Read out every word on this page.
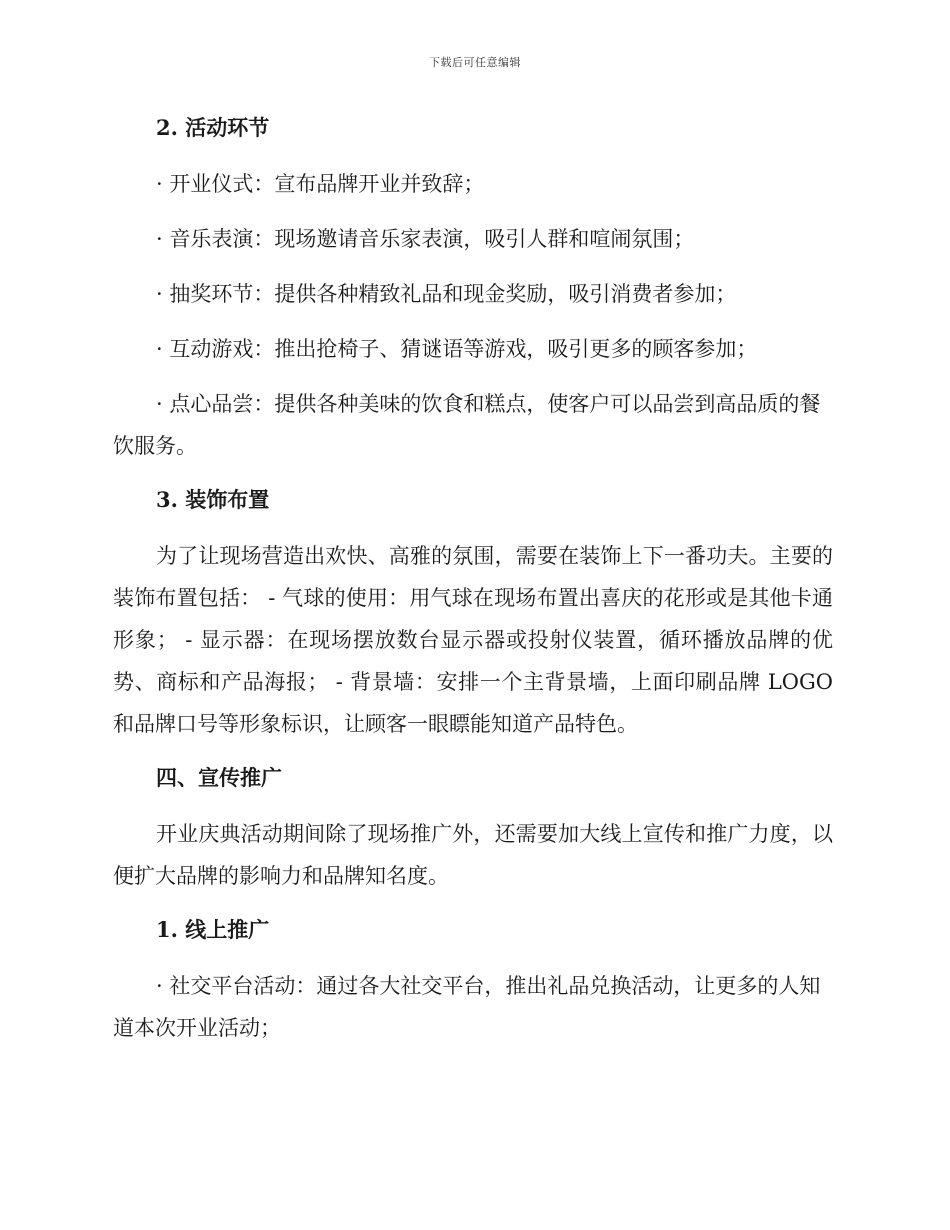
下载后可任意编辑
2. 活动环节
· 开业仪式：宣布品牌开业并致辞；
· 音乐表演：现场邀请音乐家表演，吸引人群和喧闹氛围；
· 抽奖环节：提供各种精致礼品和现金奖励，吸引消费者参加；
· 互动游戏：推出抢椅子、猜谜语等游戏，吸引更多的顾客参加；
· 点心品尝：提供各种美味的饮食和糕点，使客户可以品尝到高品质的餐饮服务。
3. 装饰布置
为了让现场营造出欢快、高雅的氛围，需要在装饰上下一番功夫。主要的装饰布置包括： - 气球的使用：用气球在现场布置出喜庆的花形或是其他卡通形象； - 显示器：在现场摆放数台显示器或投射仪装置，循环播放品牌的优势、商标和产品海报； - 背景墙：安排一个主背景墙，上面印刷品牌 LOGO 和品牌口号等形象标识，让顾客一眼瞟能知道产品特色。
四、宣传推广
开业庆典活动期间除了现场推广外，还需要加大线上宣传和推广力度，以便扩大品牌的影响力和品牌知名度。
1. 线上推广
· 社交平台活动：通过各大社交平台，推出礼品兑换活动，让更多的人知道本次开业活动；
